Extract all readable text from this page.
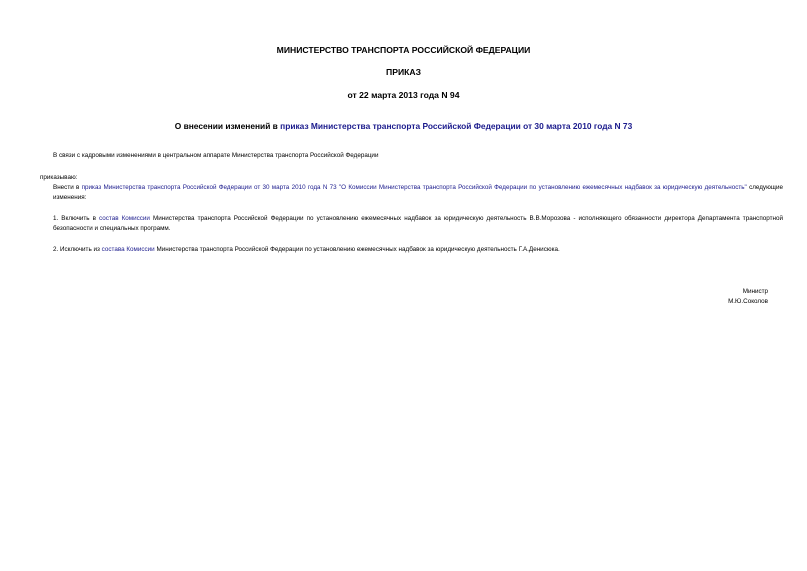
МИНИСТЕРСТВО ТРАНСПОРТА РОССИЙСКОЙ ФЕДЕРАЦИИ
ПРИКАЗ
от 22 марта 2013 года N 94
О внесении изменений в приказ Министерства транспорта Российской Федерации от 30 марта 2010 года N 73
В связи с кадровыми изменениями в центральном аппарате Министерства транспорта Российской Федерации
приказываю:
Внести в приказ Министерства транспорта Российской Федерации от 30 марта 2010 года N 73 "О Комиссии Министерства транспорта Российской Федерации по установлению ежемесячных надбавок за юридическую деятельность" следующие изменения:
1. Включить в состав Комиссии Министерства транспорта Российской Федерации по установлению ежемесячных надбавок за юридическую деятельность В.В.Морозова - исполняющего обязанности директора Департамента транспортной безопасности и специальных программ.
2. Исключить из состава Комиссии Министерства транспорта Российской Федерации по установлению ежемесячных надбавок за юридическую деятельность Г.А.Денисюка.
Министр
М.Ю.Соколов
